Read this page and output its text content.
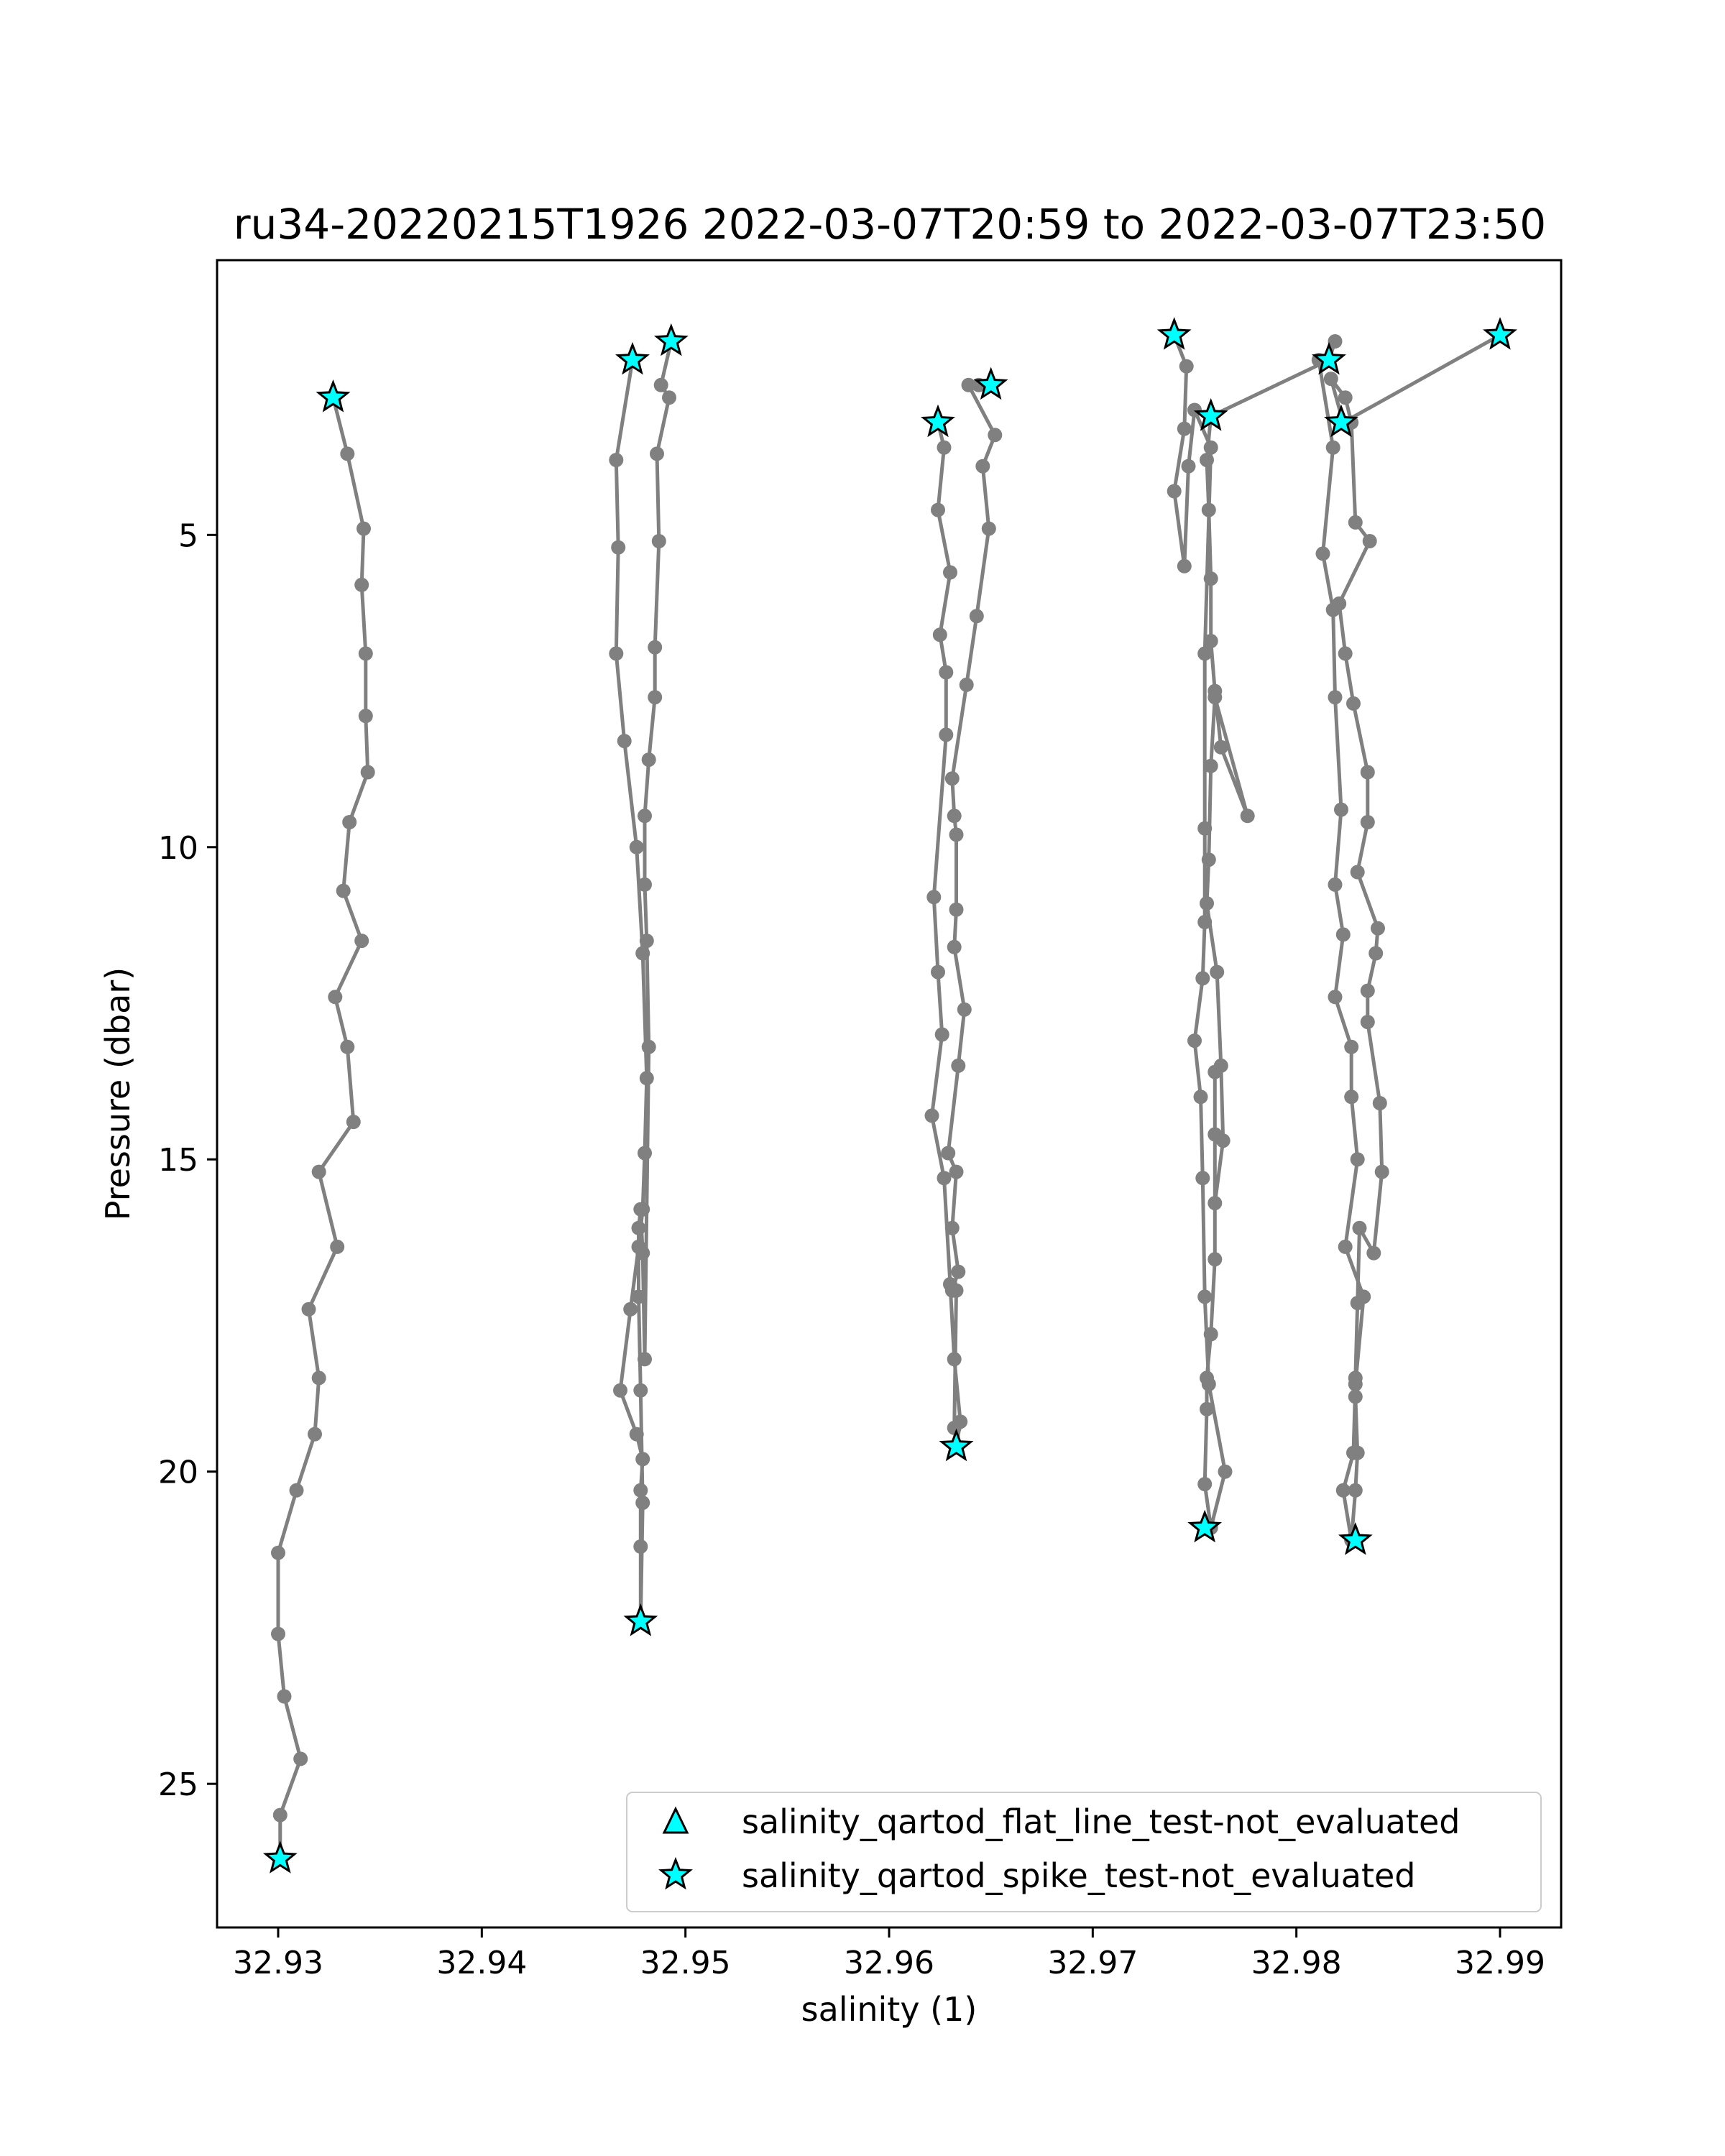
ru34-20220215T1926 2022-03-07T20:59 to 2022-03-07T23:50
32.93	32.94	32.95	32.96	32.97	32.98	32.99
5
10
15
20
25
salinity (1)
Pressure (dbar)
salinity_qartod_flat_line_test-not_evaluated
salinity_qartod_spike_test-not_evaluated
